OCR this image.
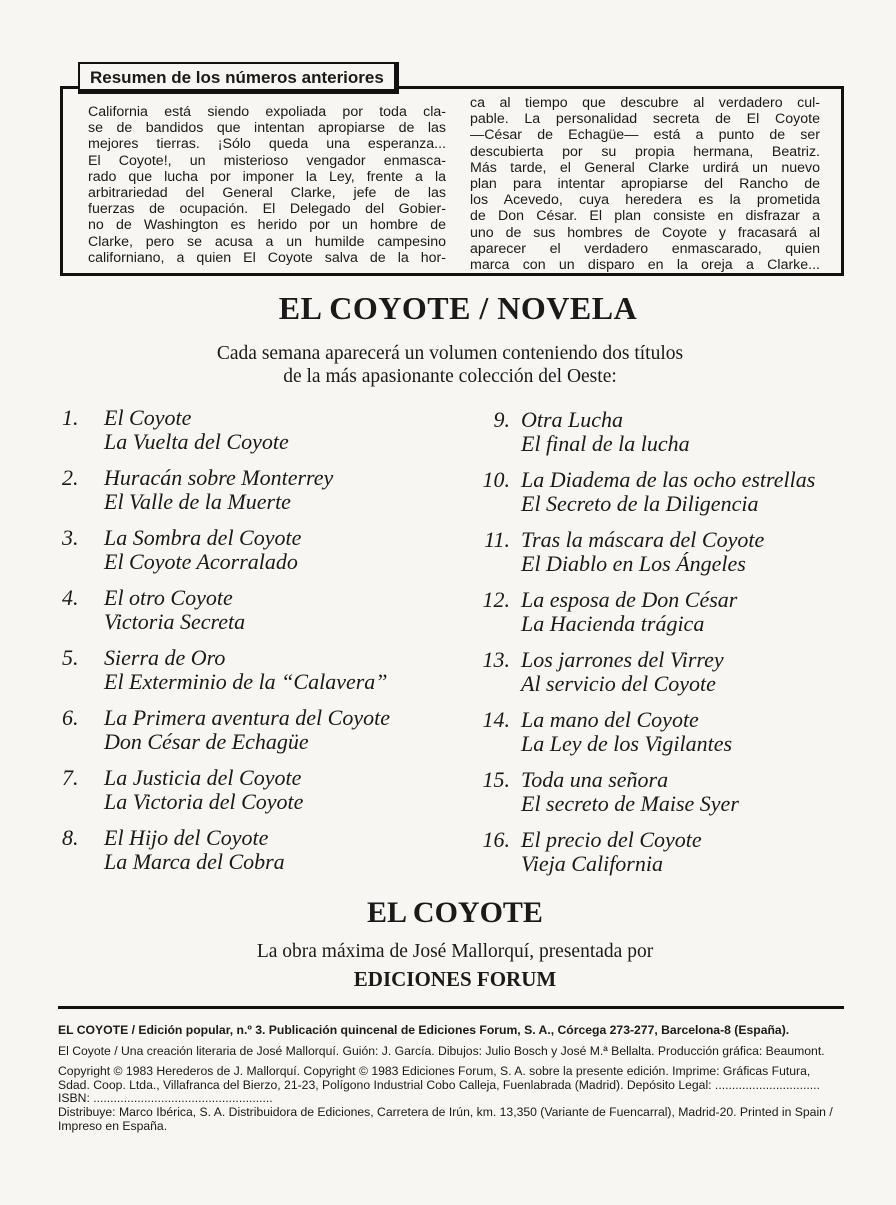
Resumen de los números anteriores
California está siendo expoliada por toda cla-
se de bandidos que intentan apropiarse de las
mejores tierras. ¡Sólo queda una esperanza...
El Coyote!, un misterioso vengador enmasca-
rado que lucha por imponer la Ley, frente a la
arbitrariedad del General Clarke, jefe de las
fuerzas de ocupación. El Delegado del Gobier-
no de Washington es herido por un hombre de
Clarke, pero se acusa a un humilde campesino
californiano, a quien El Coyote salva de la hor-
ca al tiempo que descubre al verdadero cul-
pable. La personalidad secreta de El Coyote
—César de Echagüe— está a punto de ser
descubierta por su propia hermana, Beatriz.
Más tarde, el General Clarke urdirá un nuevo
plan para intentar apropiarse del Rancho de
los Acevedo, cuya heredera es la prometida
de Don César. El plan consiste en disfrazar a
uno de sus hombres de Coyote y fracasará al
aparecer el verdadero enmascarado, quien
marca con un disparo en la oreja a Clarke...
EL COYOTE / NOVELA
Cada semana aparecerá un volumen conteniendo dos títulos
de la más apasionante colección del Oeste:
1.	El Coyote
La Vuelta del Coyote
2.	Huracán sobre Monterrey
El Valle de la Muerte
3.	La Sombra del Coyote
El Coyote Acorralado
4.	El otro Coyote
Victoria Secreta
5.	Sierra de Oro
El Exterminio de la “Calavera”
6.	La Primera aventura del Coyote
Don César de Echagüe
7.	La Justicia del Coyote
La Victoria del Coyote
8.	El Hijo del Coyote
La Marca del Cobra
9. Otra Lucha
El final de la lucha
10. La Diadema de las ocho estrellas
El Secreto de la Diligencia
11. Tras la máscara del Coyote
El Diablo en Los Ángeles
12. La esposa de Don César
La Hacienda trágica
13. Los jarrones del Virrey
Al servicio del Coyote
14. La mano del Coyote
La Ley de los Vigilantes
15. Toda una señora
El secreto de Maise Syer
16. El precio del Coyote
Vieja California
EL COYOTE
La obra máxima de José Mallorquí, presentada por
EDICIONES FORUM

EL COYOTE / Edición popular, n.º 3. Publicación quincenal de Ediciones Forum, S. A., Córcega 273-277, Barcelona-8 (España).

El Coyote / Una creación literaria de José Mallorquí. Guión: J. García. Dibujos: Julio Bosch y José M.ª Bellalta. Producción gráfica: Beaumont.

Copyright © 1983 Herederos de J. Mallorquí. Copyright © 1983 Ediciones Forum, S. A. sobre la presente edición. Imprime: Gráficas Futura, Sdad. Coop. Ltda., Villafranca del Bierzo, 21-23, Polígono Industrial Cobo Calleja, Fuenlabrada (Madrid). Depósito Legal: ............................... ISBN: .....................................................

Distribuye: Marco Ibérica, S. A. Distribuidora de Ediciones, Carretera de Irún, km. 13,350 (Variante de Fuencarral), Madrid-20. Printed in Spain / Impreso en España.
